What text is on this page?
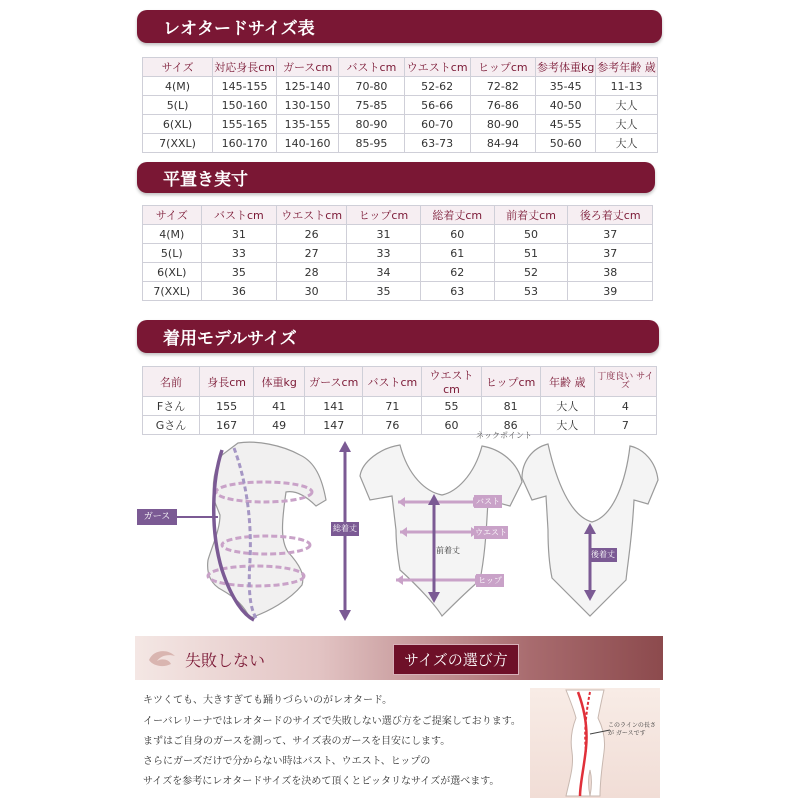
レオタードサイズ表
サイズ	対応身長cm	ガースcm	バストcm	ウエストcm	ヒップcm	参考体重kg	参考年齢 歳
4(M)	145-155	125-140	70-80	52-62	72-82	35-45	11-13
5(L)	150-160	130-150	75-85	56-66	76-86	40-50	大人
6(XL)	155-165	135-155	80-90	60-70	80-90	45-55	大人
7(XXL)	160-170	140-160	85-95	63-73	84-94	50-60	大人
平置き実寸
サイズ	バストcm	ウエストcm	ヒップcm	総着丈cm	前着丈cm	後ろ着丈cm
4(M)	31	26	31	60	50	37
5(L)	33	27	33	61	51	37
6(XL)	35	28	34	62	52	38
7(XXL)	36	30	35	63	53	39
着用モデルサイズ
名前	身長cm	体重kg	ガースcm	バストcm	ウエストcm	ヒップcm	年齢 歳	丁度良い サイズ
Fさん	155	41	141	71	55	81	大人	4
Gさん	167	49	147	76	60	86	大人	7
ガース
ネックポイント
総着丈
前着丈	後着丈
バスト
ウエスト
ヒップ
失敗しない	サイズの選び方
キツくても、大きすぎても踊りづらいのがレオタード。
イーバレリーナではレオタードのサイズで失敗しない選び方をご提案しております。
まずはご自身のガースを測って、サイズ表のガースを目安にします。
さらにガーズだけで分からない時はバスト、ウエスト、ヒップの
サイズを参考にレオタードサイズを決めて頂くとピッタリなサイズが選べます。
このラインの長さが ガースです
